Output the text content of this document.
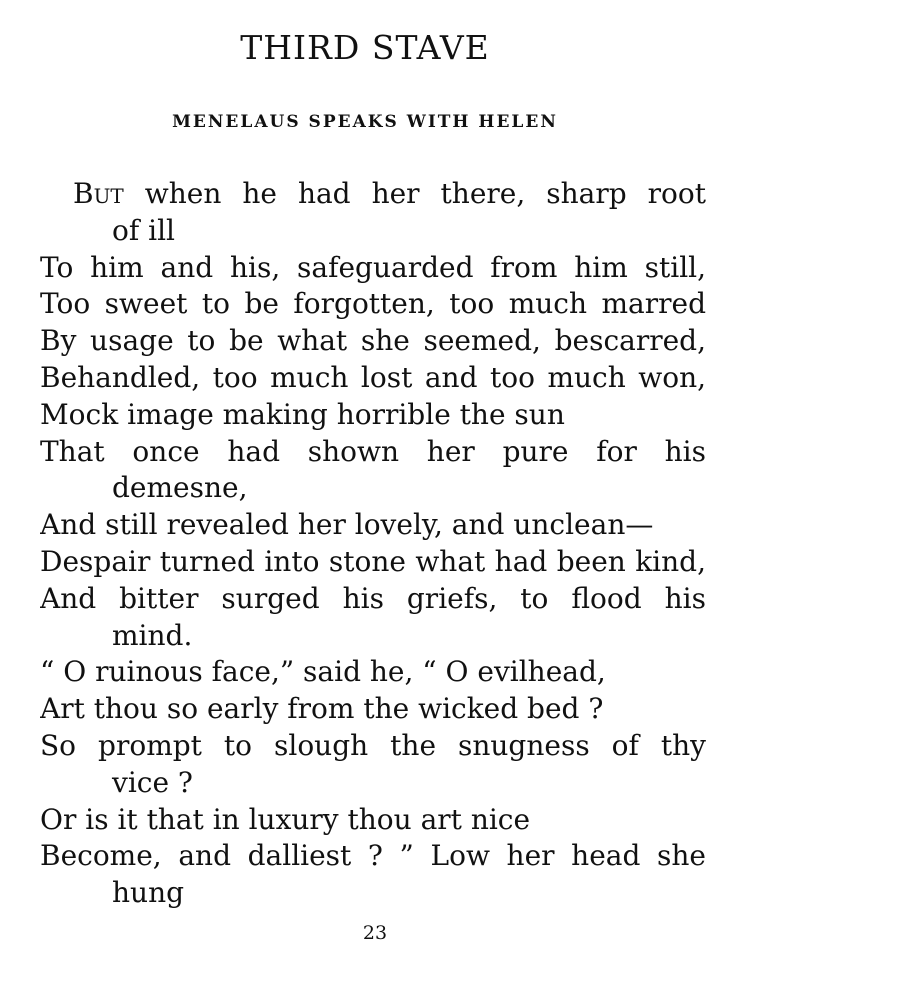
THIRD STAVE
MENELAUS SPEAKS WITH HELEN
But when he had her there, sharp root
of ill
To him and his, safeguarded from him still,
Too sweet to be forgotten, too much marred
By usage to be what she seemed, bescarred,
Behandled, too much lost and too much won,
Mock image making horrible the sun
That once had shown her pure for his
demesne,
And still revealed her lovely, and unclean—
Despair turned into stone what had been kind,
And bitter surged his griefs, to flood his
mind.
“ O ruinous face,” said he, “ O evilhead,
Art thou so early from the wicked bed ?
So prompt to slough the snugness of thy
vice ?
Or is it that in luxury thou art nice
Become, and dalliest ? ” Low her head she
hung
23
